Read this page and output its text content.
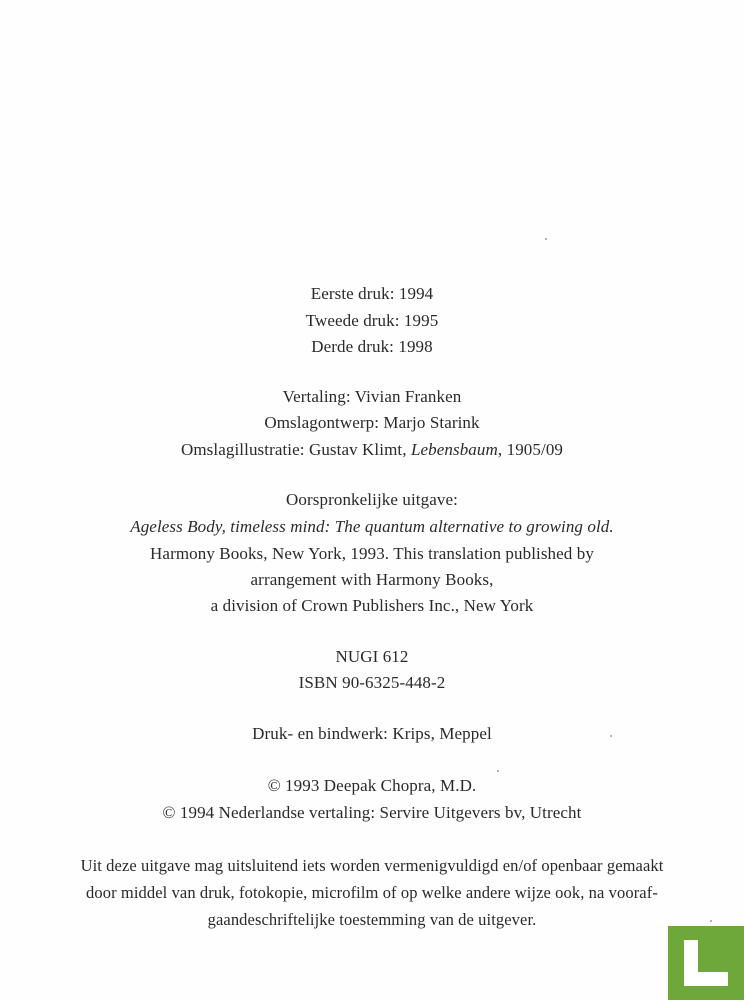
Eerste druk: 1994
Tweede druk: 1995
Derde druk: 1998
Vertaling: Vivian Franken
Omslagontwerp: Marjo Starink
Omslagillustratie: Gustav Klimt, Lebensbaum, 1905/09
Oorspronkelijke uitgave:
Ageless Body, timeless mind: The quantum alternative to growing old.
Harmony Books, New York, 1993. This translation published by
arrangement with Harmony Books,
a division of Crown Publishers Inc., New York
NUGI 612
ISBN 90-6325-448-2
Druk- en bindwerk: Krips, Meppel
© 1993 Deepak Chopra, M.D.
© 1994 Nederlandse vertaling: Servire Uitgevers bv, Utrecht
Uit deze uitgave mag uitsluitend iets worden vermenigvuldigd en/of openbaar gemaakt
door middel van druk, fotokopie, microfilm of op welke andere wijze ook, na vooraf-
gaandeschriftelijke toestemming van de uitgever.
